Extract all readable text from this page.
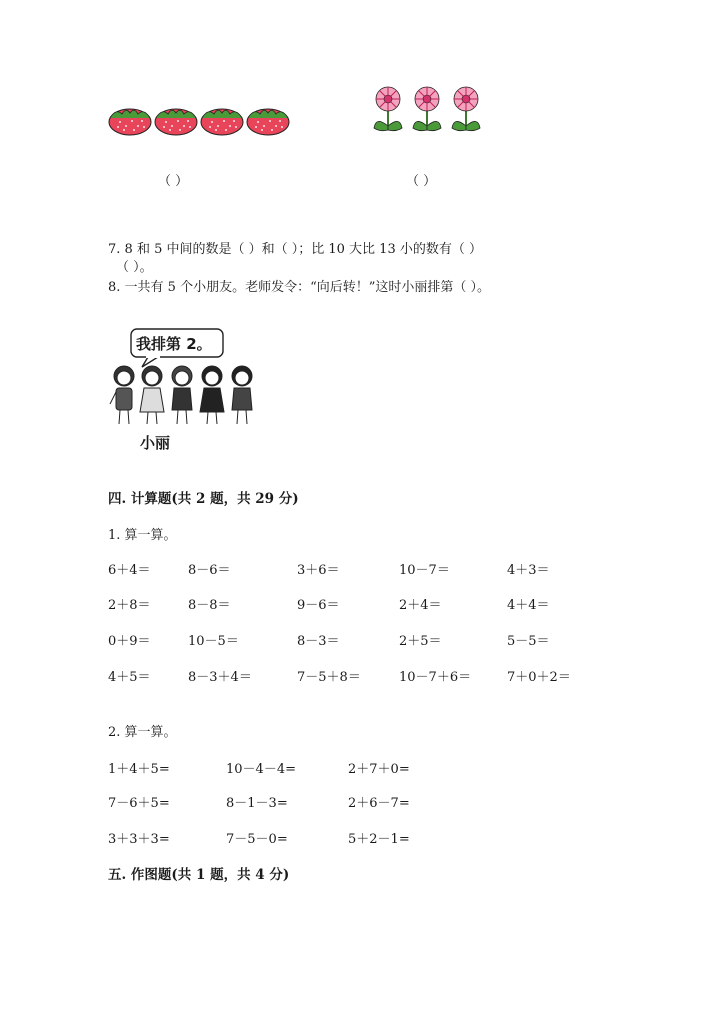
（ ）	（ ）
7. 8 和 5 中间的数是（ ）和（ ）；比 10 大比 13 小的数有（ ）
（ ）。
8. 一共有 5 个小朋友。老师发令：“向后转！”这时小丽排第（ ）。
我排第 2。
小丽
四. 计算题(共 2 题，共 29 分)
1. 算一算。
6＋4＝	8－6＝	3＋6＝	10－7＝	4＋3＝
2＋8＝	8－8＝	9－6＝	2＋4＝	4＋4＝
0＋9＝	10－5＝	8－3＝	2＋5＝	5－5＝
4＋5＝	8－3＋4＝	7－5＋8＝	10－7＋6＝	7＋0＋2＝
2. 算一算。
1＋4＋5=	10－4－4=	2＋7＋0=
7－6＋5=	8－1－3=	2＋6－7=
3＋3＋3=	7－5－0=	5＋2－1=
五. 作图题(共 1 题，共 4 分)
